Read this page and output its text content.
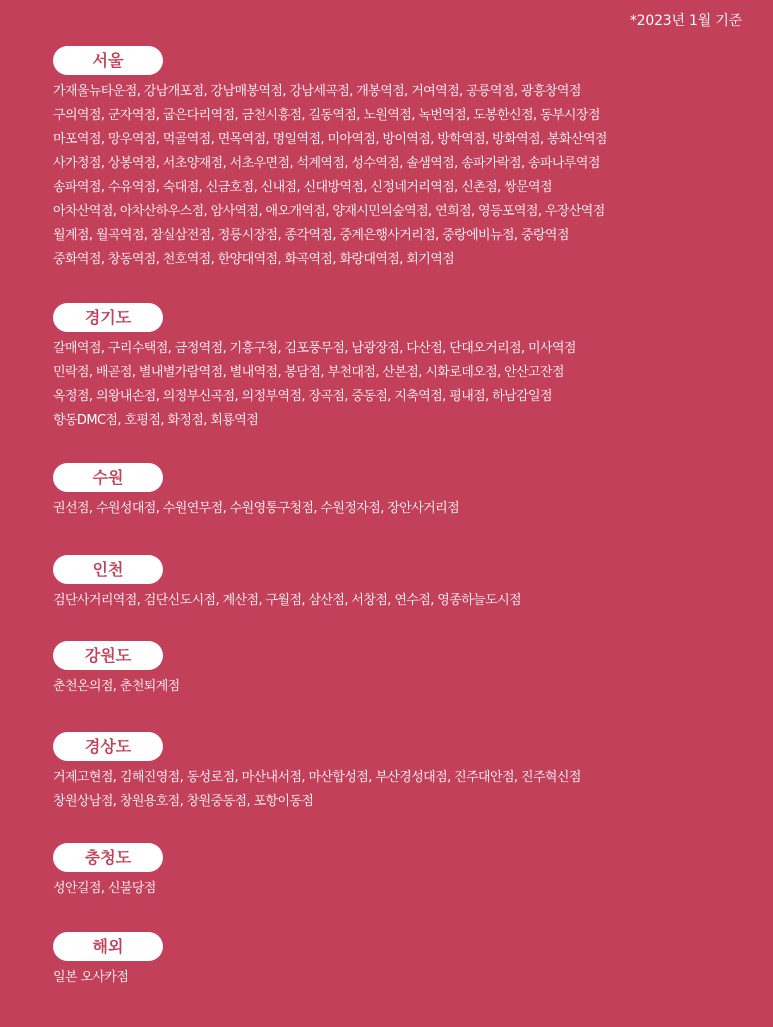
*2023년 1월 기준
서울
가재울뉴타운점, 강남개포점, 강남매봉역점, 강남세곡점, 개봉역점, 거여역점, 공릉역점, 광흥창역점
구의역점, 군자역점, 굽은다리역점, 금천시흥점, 길동역점, 노원역점, 녹번역점, 도봉한신점, 동부시장점
마포역점, 망우역점, 먹골역점, 면목역점, 명일역점, 미아역점, 방이역점, 방학역점, 방화역점, 봉화산역점
사가정점, 상봉역점, 서초양재점, 서초우면점, 석계역점, 성수역점, 솔샘역점, 송파가락점, 송파나루역점
송파역점, 수유역점, 숙대점, 신금호점, 신내점, 신대방역점, 신정네거리역점, 신촌점, 쌍문역점
아차산역점, 아차산하우스점, 암사역점, 애오개역점, 양재시민의숲역점, 연희점, 영등포역점, 우장산역점
월계점, 월곡역점, 잠실삼전점, 정릉시장점, 종각역점, 중계은행사거리점, 중랑에비뉴점, 중랑역점
중화역점, 창동역점, 천호역점, 한양대역점, 화곡역점, 화랑대역점, 회기역점
경기도
갈매역점, 구리수택점, 금정역점, 기흥구청, 김포풍무점, 남광장점, 다산점, 단대오거리점, 미사역점
민락점, 배곧점, 별내별가람역점, 별내역점, 봉담점, 부천대점, 산본점, 시화로데오점, 안산고잔점
옥정점, 의왕내손점, 의정부신곡점, 의정부역점, 장곡점, 중동점, 지축역점, 평내점, 하남감일점
향동DMC점, 호평점, 화정점, 회룡역점
수원
권선점, 수원성대점, 수원연무점, 수원영통구청점, 수원정자점, 장안사거리점
인천
검단사거리역점, 검단신도시점, 계산점, 구월점, 삼산점, 서창점, 연수점, 영종하늘도시점
강원도
춘천온의점, 춘천퇴계점
경상도
거제고현점, 김해진영점, 동성로점, 마산내서점, 마산합성점, 부산경성대점, 진주대안점, 진주혁신점
창원상남점, 창원용호점, 창원중동점, 포항이동점
충청도
성안길점, 신불당점
해외
일본 오사카점
